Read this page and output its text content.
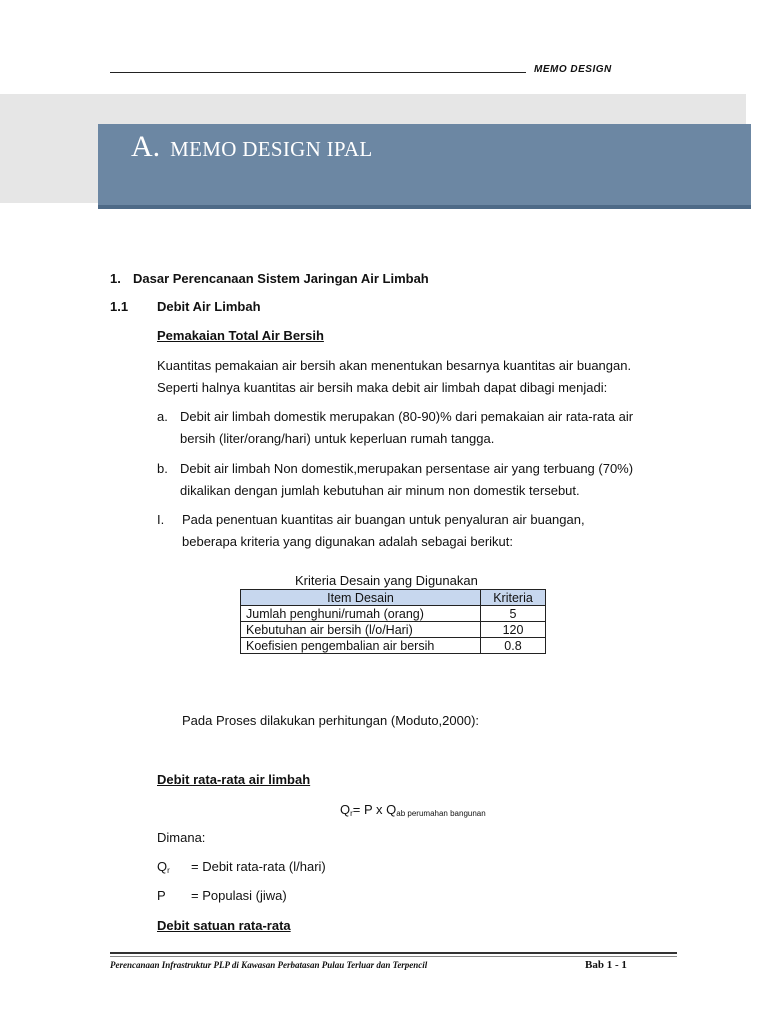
MEMO DESIGN
A. MEMO DESIGN IPAL
1. Dasar Perencanaan Sistem Jaringan Air Limbah
1.1 Debit Air Limbah
Pemakaian Total Air Bersih
Kuantitas pemakaian air bersih akan menentukan besarnya kuantitas air buangan.
Seperti halnya kuantitas air bersih maka debit air limbah dapat dibagi menjadi:
a. Debit air limbah domestik merupakan (80-90)% dari pemakaian air rata-rata air
bersih (liter/orang/hari) untuk keperluan rumah tangga.
b. Debit air limbah Non domestik,merupakan persentase air yang terbuang (70%)
dikalikan dengan jumlah kebutuhan air minum non domestik tersebut.
I. Pada penentuan kuantitas air buangan untuk penyaluran air buangan,
beberapa kriteria yang digunakan adalah sebagai berikut:
Kriteria Desain yang Digunakan
Item Desain	Kriteria
Jumlah penghuni/rumah (orang)	5
Kebutuhan air bersih (l/o/Hari)	120
Koefisien pengembalian air bersih	0.8
Pada Proses dilakukan perhitungan (Moduto,2000):
Debit rata-rata air limbah
$Q_r= P$ x Qab perumahan bangunan
Dimana:
$Q_r$ = Debit rata-rata (l/hari)
P = Populasi (jiwa)
Debit satuan rata-rata
Perencanaan Infrastruktur PLP di Kawasan Perbatasan Pulau Terluar dan Terpencil	Bab 1 - 1
